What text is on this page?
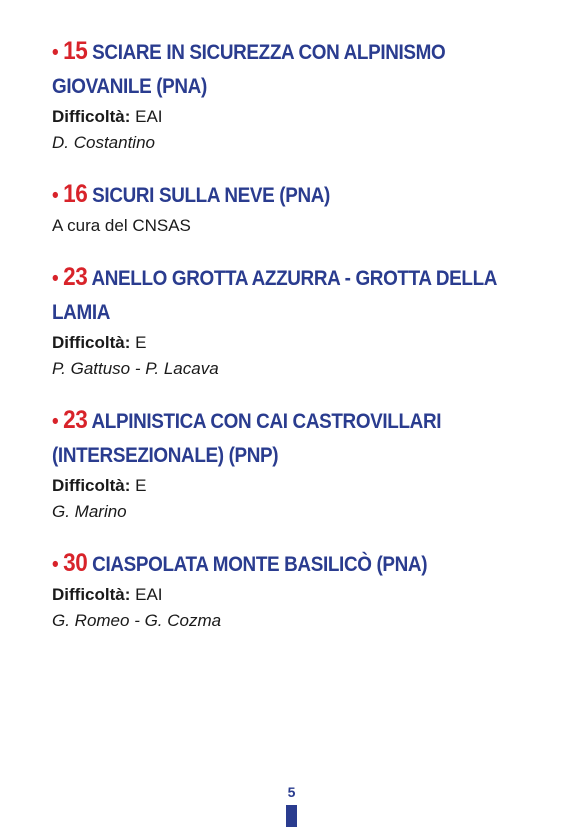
• 15 SCIARE IN SICUREZZA CON ALPINISMO GIOVANILE (PNA)
Difficoltà: EAI
D. Costantino
• 16 SICURI SULLA NEVE (PNA)
A cura del CNSAS
• 23 ANELLO GROTTA AZZURRA - GROTTA DELLA LAMIA
Difficoltà: E
P. Gattuso - P. Lacava
• 23 ALPINISTICA CON CAI CASTROVILLARI (INTERSEZIONALE) (PNP)
Difficoltà: E
G. Marino
• 30 CIASPOLATA MONTE BASILICÒ (PNA)
Difficoltà: EAI
G. Romeo - G. Cozma
5
